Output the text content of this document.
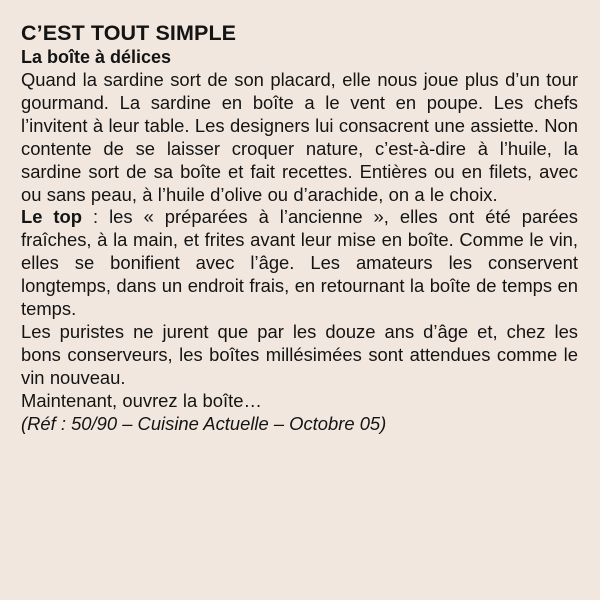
C’EST TOUT SIMPLE
La boîte à délices

Quand la sardine sort de son placard, elle nous joue plus d’un tour gourmand. La sardine en boîte a le vent en poupe. Les chefs l’invitent à leur table. Les designers lui consacrent une assiette. Non contente de se laisser croquer nature, c’est-à-dire à l’huile, la sardine sort de sa boîte et fait recettes. Entières ou en filets, avec ou sans peau, à l’huile d’olive ou d’arachide, on a le choix.

Le top : les « préparées à l’ancienne », elles ont été parées fraîches, à la main, et frites avant leur mise en boîte. Comme le vin, elles se bonifient avec l’âge. Les amateurs les conservent longtemps, dans un endroit frais, en retournant la boîte de temps en temps.

Les puristes ne jurent que par les douze ans d’âge et, chez les bons conserveurs, les boîtes millésimées sont attendues comme le vin nouveau.

Maintenant, ouvrez la boîte…

(Réf : 50/90 – Cuisine Actuelle – Octobre 05)
